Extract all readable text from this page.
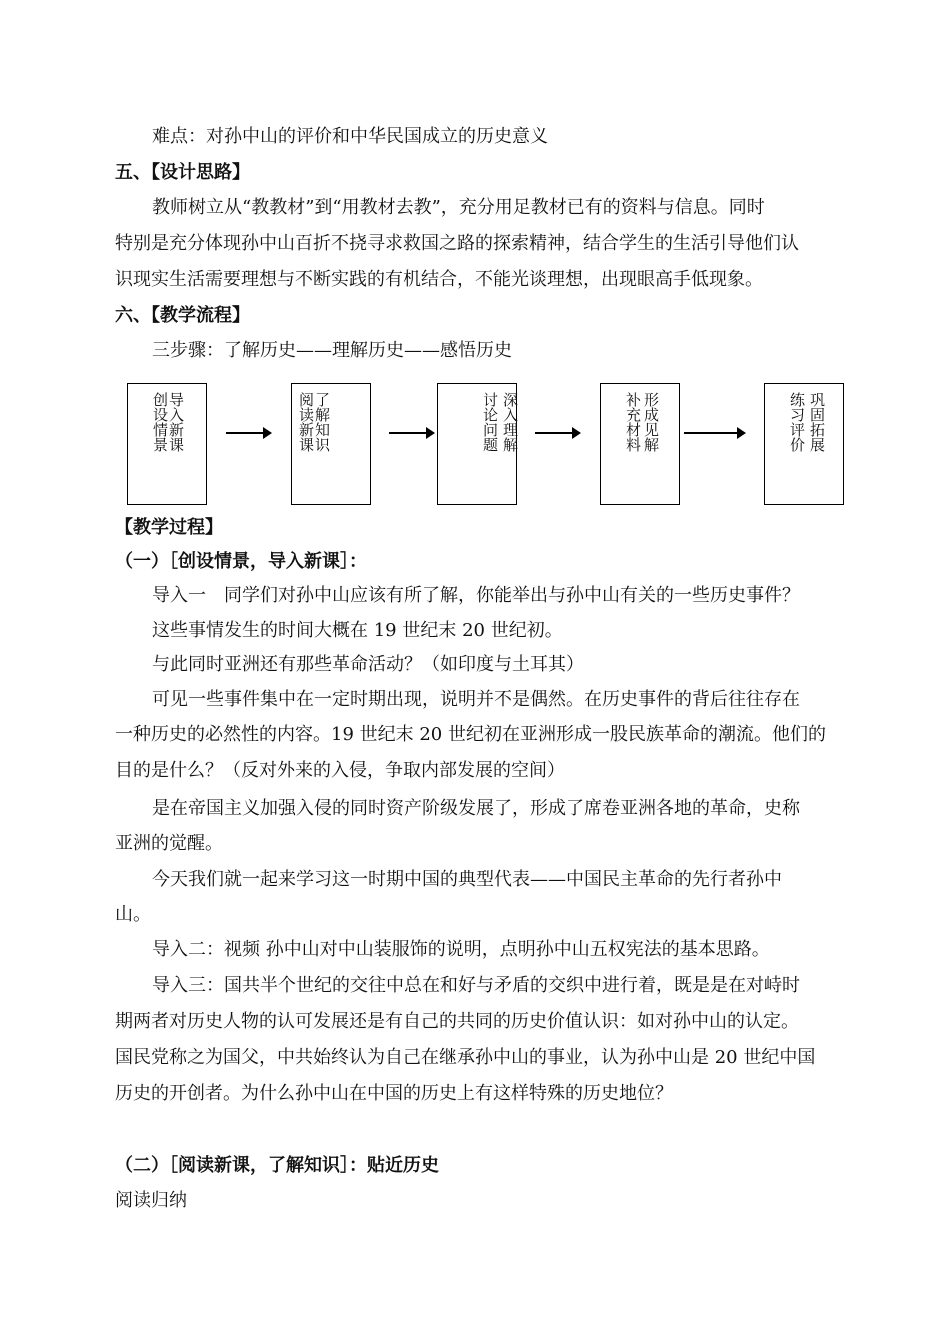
难点：对孙中山的评价和中华民国成立的历史意义
五、【设计思路】
教师树立从“教教材”到“用教材去教”，充分用足教材已有的资料与信息。同时
特别是充分体现孙中山百折不挠寻求救国之路的探索精神，结合学生的生活引导他们认
识现实生活需要理想与不断实践的有机结合，不能光谈理想，出现眼高手低现象。
六、【教学流程】
三步骤：了解历史——理解历史——感悟历史
导入新课
创设情景	了解知识
阅读新课	深入理解
讨论问题	形成见解
补充材料	巩固拓展
练习评价
【教学过程】
（一）［创设情景，导入新课］：
导入一　同学们对孙中山应该有所了解，你能举出与孙中山有关的一些历史事件？
这些事情发生的时间大概在 19 世纪末 20 世纪初。
与此同时亚洲还有那些革命活动？（如印度与土耳其）
可见一些事件集中在一定时期出现，说明并不是偶然。在历史事件的背后往往存在
一种历史的必然性的内容。19 世纪末 20 世纪初在亚洲形成一股民族革命的潮流。他们的
目的是什么？（反对外来的入侵，争取内部发展的空间）
是在帝国主义加强入侵的同时资产阶级发展了，形成了席卷亚洲各地的革命，史称
亚洲的觉醒。
今天我们就一起来学习这一时期中国的典型代表——中国民主革命的先行者孙中
山。
导入二：视频 孙中山对中山装服饰的说明，点明孙中山五权宪法的基本思路。
导入三：国共半个世纪的交往中总在和好与矛盾的交织中进行着，既是是在对峙时
期两者对历史人物的认可发展还是有自己的共同的历史价值认识：如对孙中山的认定。
国民党称之为国父，中共始终认为自己在继承孙中山的事业，认为孙中山是 20 世纪中国
历史的开创者。为什么孙中山在中国的历史上有这样特殊的历史地位？
（二）［阅读新课，了解知识］：贴近历史
阅读归纳
